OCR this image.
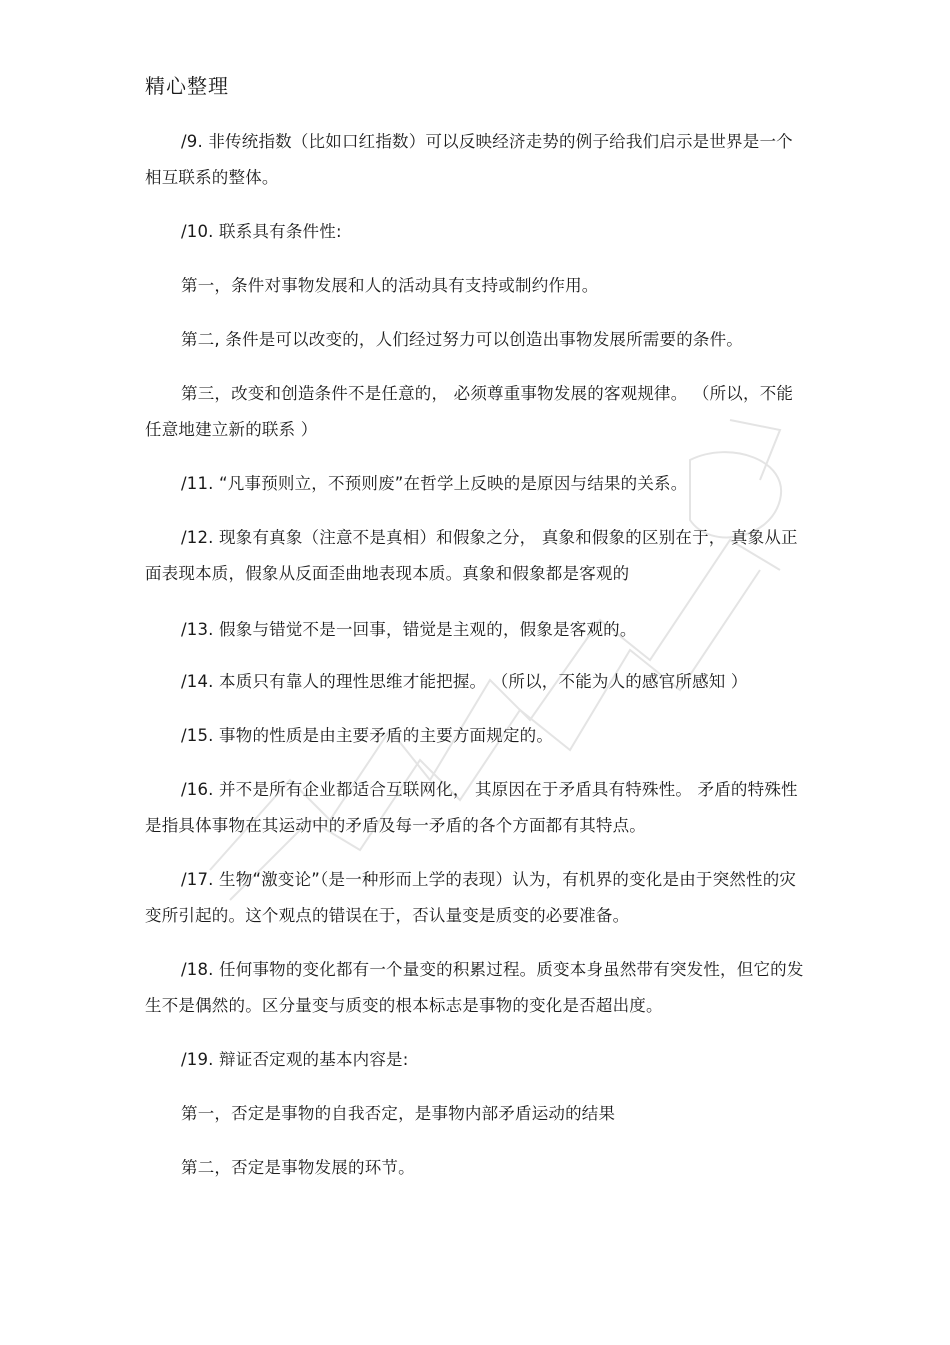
精心整理
/9. 非传统指数（比如口红指数）可以反映经济走势的例子给我们启示是世界是一个相互联系的整体。
/10. 联系具有条件性:
第一，条件对事物发展和人的活动具有支持或制约作用。
第二, 条件是可以改变的，人们经过努力可以创造出事物发展所需要的条件。
第三，改变和创造条件不是任意的， 必须尊重事物发展的客观规律。 （所以，不能任意地建立新的联系 ）
/11. “凡事预则立，不预则废”在哲学上反映的是原因与结果的关系。
/12. 现象有真象（注意不是真相）和假象之分， 真象和假象的区别在于， 真象从正面表现本质，假象从反面歪曲地表现本质。真象和假象都是客观的
/13. 假象与错觉不是一回事，错觉是主观的，假象是客观的。
/14. 本质只有靠人的理性思维才能把握。 （所以，不能为人的感官所感知 ）
/15. 事物的性质是由主要矛盾的主要方面规定的。
/16. 并不是所有企业都适合互联网化， 其原因在于矛盾具有特殊性。 矛盾的特殊性是指具体事物在其运动中的矛盾及每一矛盾的各个方面都有其特点。
/17. 生物“激变论”（是一种形而上学的表现）认为，有机界的变化是由于突然性的灾变所引起的。这个观点的错误在于，否认量变是质变的必要准备。
/18. 任何事物的变化都有一个量变的积累过程。质变本身虽然带有突发性，但它的发生不是偶然的。区分量变与质变的根本标志是事物的变化是否超出度。
/19. 辩证否定观的基本内容是:
第一，否定是事物的自我否定，是事物内部矛盾运动的结果
第二，否定是事物发展的环节。
